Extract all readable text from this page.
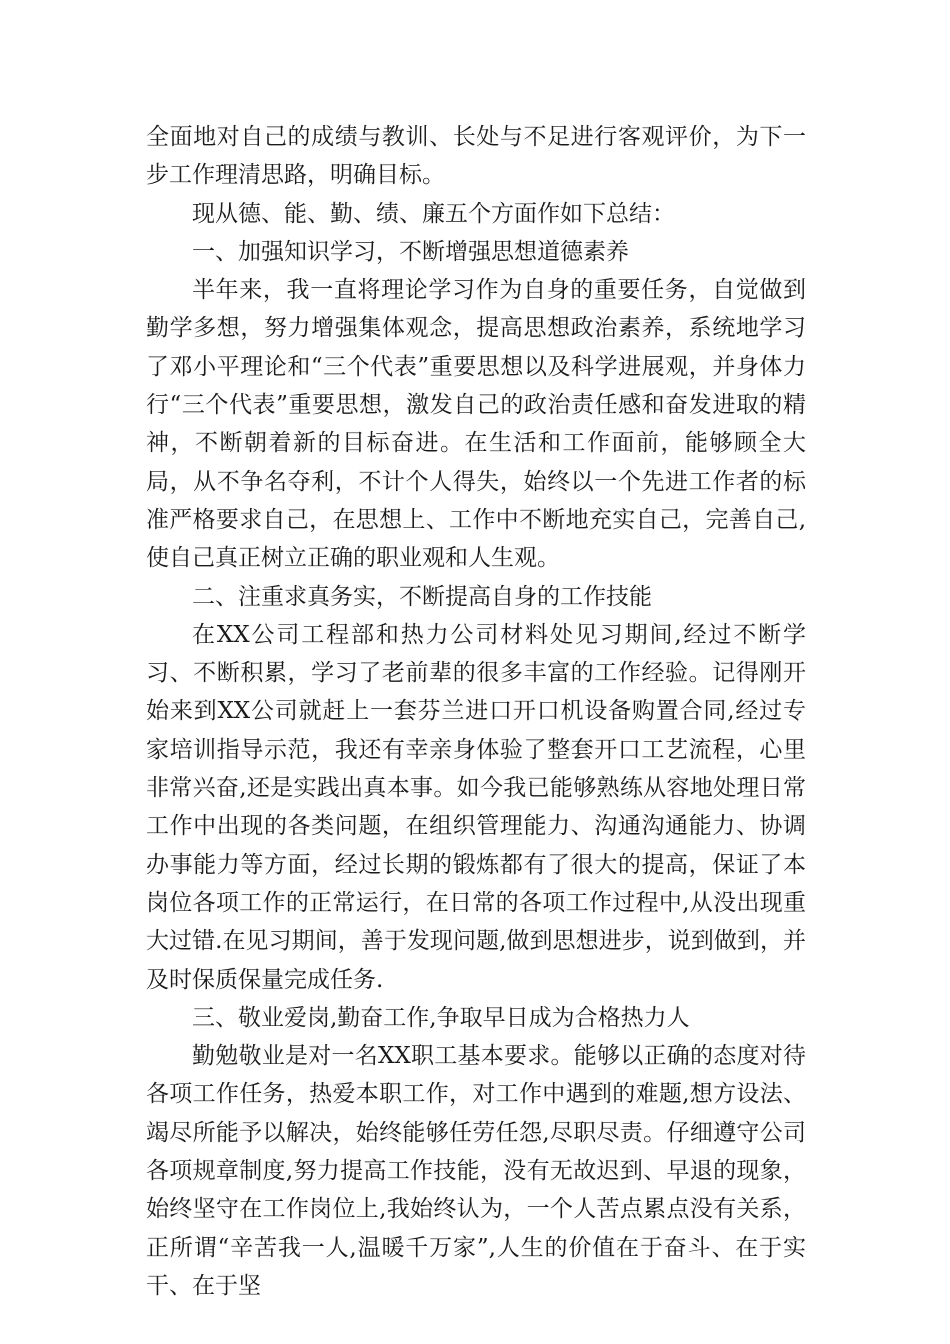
全面地对自己的成绩与教训、长处与不足进行客观评价，为下一步工作理清思路，明确目标。

现从德、能、勤、绩、廉五个方面作如下总结：

一、加强知识学习，不断增强思想道德素养

半年来，我一直将理论学习作为自身的重要任务，自觉做到勤学多想，努力增强集体观念，提高思想政治素养，系统地学习了邓小平理论和“三个代表”重要思想以及科学进展观，并身体力行“三个代表”重要思想，激发自己的政治责任感和奋发进取的精神，不断朝着新的目标奋进。在生活和工作面前，能够顾全大局，从不争名夺利，不计个人得失，始终以一个先进工作者的标准严格要求自己，在思想上、工作中不断地充实自己，完善自己,使自己真正树立正确的职业观和人生观。

二、注重求真务实，不断提高自身的工作技能

在XX公司工程部和热力公司材料处见习期间,经过不断学习、不断积累，学习了老前辈的很多丰富的工作经验。记得刚开始来到XX公司就赶上一套芬兰进口开口机设备购置合同,经过专家培训指导示范，我还有幸亲身体验了整套开口工艺流程，心里非常兴奋,还是实践出真本事。如今我已能够熟练从容地处理日常工作中出现的各类问题，在组织管理能力、沟通沟通能力、协调办事能力等方面，经过长期的锻炼都有了很大的提高，保证了本岗位各项工作的正常运行，在日常的各项工作过程中,从没出现重大过错.在见习期间，善于发现问题,做到思想进步，说到做到，并及时保质保量完成任务.

三、敬业爱岗,勤奋工作,争取早日成为合格热力人

勤勉敬业是对一名XX职工基本要求。能够以正确的态度对待各项工作任务，热爱本职工作，对工作中遇到的难题,想方设法、竭尽所能予以解决，始终能够任劳任怨,尽职尽责。仔细遵守公司各项规章制度,努力提高工作技能，没有无故迟到、早退的现象，始终坚守在工作岗位上,我始终认为，一个人苦点累点没有关系，正所谓“辛苦我一人,温暖千万家”,人生的价值在于奋斗、在于实干、在于坚
